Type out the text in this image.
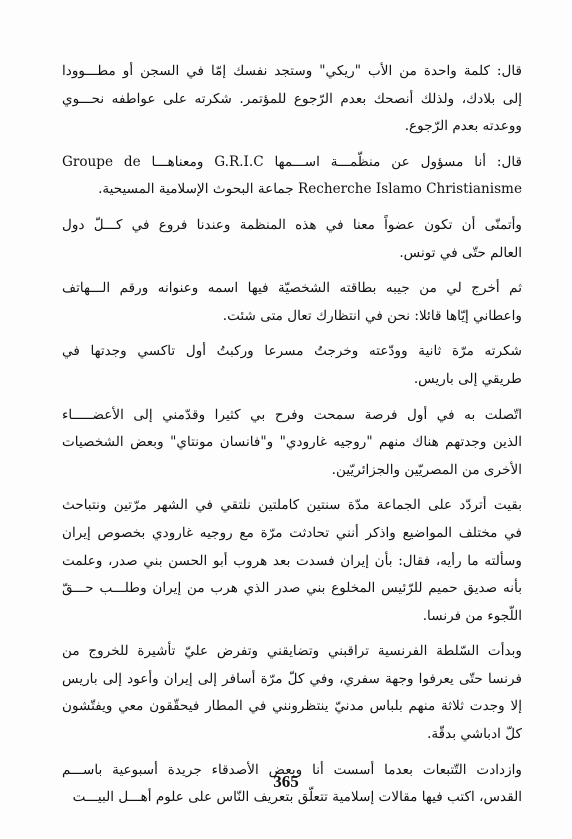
قال: كلمة واحدة من الأب "ريكي" وستجد نفسك إمّا في السجن أو مطـــوودا
إلى بلادك، ولذلك أنصحك بعدم الرّجوع للمؤتمر. شكرته على عواطفه نحـــوي
ووعدته بعدم الرّجوع.

قال: أنا مسؤول عن منظّمـــة اســـمها G.R.I.C ومعناهـــا Groupe de
Recherche Islamo Christianisme جماعة البحوث الإسلامية المسيحية.

وأتمنّى أن تكون عضواً معنا في هذه المنظمة وعندنا فروع في كـــلّ دول
العالم حتّى في تونس.

ثم أخرج لي من جيبه بطاقته الشخصيّة فيها اسمه وعنوانه ورقم الـــهاتف
واعطاني إيّاها قائلا: نحن في انتظارك تعال متى شئت.

شكرته مرّة ثانية وودّعته وخرجتُ مسرعا وركبتُ أول تاكسي وجدتها في
طريقي إلى باريس.

اتّصلت به في أول فرصة سمحت وفرح بي كثيرا وقدّمني إلى الأعضـــــاء
الذين وجدتهم هناك منهم "روجيه غارودي" و"فانسان مونتاي" وبعض الشخصيات
الأخرى من المصريّين والجزائريّين.

بقيت أتردّد على الجماعة مدّة سنتين كاملتين نلتقي في الشهر مرّتين ونتباحث
في مختلف المواضيع واذكر أنني تحادثت مرّة مع روجيه غارودي بخصوص إيران
وسألته ما رأيه، فقال: بأن إيران فسدت بعد هروب أبو الحسن بني صدر، وعلمت
بأنه صديق حميم للرّئيس المخلوع بني صدر الذي هرب من إيران وطلـــب حـــقّ
اللّجوء من فرنسا.

وبدأت السّلطة الفرنسية تراقبني وتضايقني وتفرض عليّ تأشيرة للخروج من
فرنسا حتّى يعرفوا وجهة سفري، وفي كلّ مرّة أسافر إلى إيران وأعود إلى باريس
إلا وجدت ثلاثة منهم بلباس مدنيّ ينتظرونني في المطار فيحقّقون معي ويفتّشون
كلّ ادباشي بدقّة.

وازدادت التّتبعات بعدما أسست أنا وبعض الأصدقاء جريدة أسبوعية باســـم
القدس، اكتب فيها مقالات إسلامية تتعلّق بتعريف النّاس على علوم أهـــل البيـــت

365
